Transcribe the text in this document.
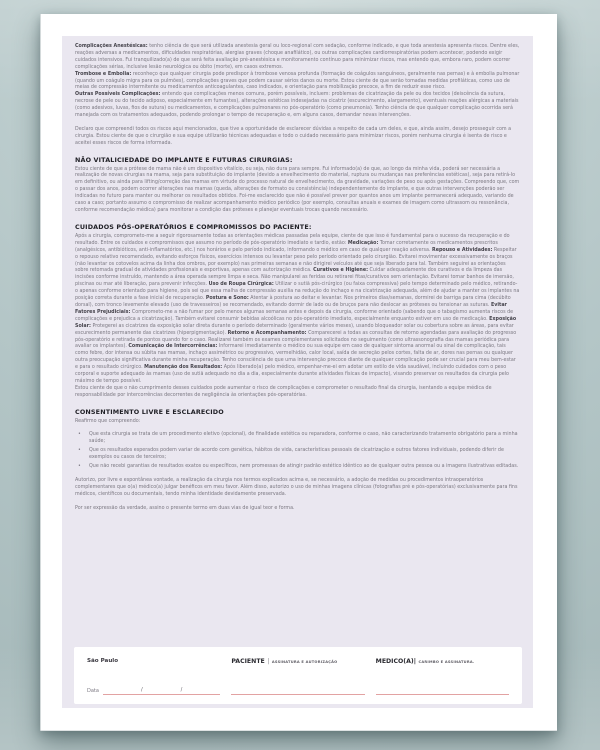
Complicações Anestésicas: tenho ciência de que será utilizada anestesia geral ou loco-regional com sedação, conforme indicado, e que toda anestesia apresenta riscos. Dentre eles, reações adversas a medicamentos, dificuldades respiratórias, alergias graves (choque anafilático), ou outras complicações cardiorrespiratórias podem acontecer, podendo exigir cuidados intensivos. Fui tranquilizado(a) de que será feita avaliação pré-anestésica e monitoramento contínuo para minimizar riscos, mas entendo que, embora raro, podem ocorrer complicações sérias, inclusive lesão neurológica ou óbito (morte), em casos extremos.

Trombose e Embolia: reconheço que qualquer cirurgia pode predispor à trombose venosa profunda (formação de coágulos sanguíneos, geralmente nas pernas) e à embolia pulmonar (quando um coágulo migra para os pulmões), complicações graves que podem causar sérios danos ou morte. Estou ciente de que serão tomadas medidas profiláticas, como uso de meias de compressão intermitente ou medicamentos anticoagulantes, caso indicados, e orientação para mobilização precoce, a fim de reduzir esse risco.

Outras Possíveis Complicações: entendo que complicações menos comuns, porém possíveis, incluem: problemas de cicatrização da pele ou dos tecidos (deiscência da sutura, necrose de pele ou do tecido adiposo, especialmente em fumantes), alterações estéticas indesejadas na cicatriz (escurecimento, alargamento), eventuais reações alérgicas a materiais (como adesivos, luvas, fios de sutura) ou medicamentos, e complicações pulmonares no pós-operatório (como pneumonia). Tenho ciência de que qualquer complicação ocorrida será manejada com os tratamentos adequados, podendo prolongar o tempo de recuperação e, em alguns casos, demandar novas intervenções.

Declaro que compreendi todos os riscos aqui mencionados, que tive a oportunidade de esclarecer dúvidas a respeito de cada um deles, e que, ainda assim, desejo prosseguir com a cirurgia. Estou ciente de que o cirurgião e sua equipe utilizarão técnicas adequadas e todo o cuidado necessário para minimizar riscos, porém nenhuma cirurgia é isenta de risco e aceitei esses riscos de forma informada.

NÃO VITALICIEDADE DO IMPLANTE E FUTURAS CIRURGIAS:

Estou ciente de que a prótese de mama não é um dispositivo vitalício, ou seja, não dura para sempre. Fui informado(a) de que, ao longo da minha vida, poderá ser necessária a realização de novas cirurgias na mama, seja para substituição do implante (devido a envelhecimento do material, ruptura ou mudanças nas preferências estéticas), seja para retirá-lo em definitivo, ou ainda para lifting/correção das mamas em virtude do processo natural de envelhecimento, da gravidade, variações de peso ou após gestações. Compreendo que, com o passar dos anos, podem ocorrer alterações nas mamas (queda, alterações de formato ou consistência) independentemente do implante, e que outras intervenções poderão ser indicadas no futuro para manter ou melhorar os resultados obtidos. Foi-me esclarecido que não é possível prever por quantos anos um implante permanecerá adequado, variando de caso a caso; portanto assumo o compromisso de realizar acompanhamento médico periódico (por exemplo, consultas anuais e exames de imagem como ultrassom ou ressonância, conforme recomendação médica) para monitorar a condição das próteses e planejar eventuais trocas quando necessário.

CUIDADOS PÓS-OPERATÓRIOS E COMPROMISSOS DO PACIENTE:

Após a cirurgia, comprometo-me a seguir rigorosamente todas as orientações médicas passadas pela equipe, ciente de que isso é fundamental para o sucesso da recuperação e do resultado. Entre os cuidados e compromissos que assumo no período de pós-operatório imediato e tardio, estão: Medicação: Tomar corretamente os medicamentos prescritos (analgésicos, antibióticos, anti-inflamatórios, etc.) nos horários e pelo período indicado, informando o médico em caso de qualquer reação adversa. Repouso e Atividades: Respeitar o repouso relativo recomendado, evitando esforços físicos, exercícios intensos ou levantar peso pelo período orientado pelo cirurgião. Evitarei movimentar excessivamente os braços (não levantar os cotovelos acima da linha dos ombros, por exemplo) nas primeiras semanas e não dirigirei veículos até que seja liberado para tal. Também seguirei as orientações sobre retomada gradual de atividades profissionais e esportivas, apenas com autorização médica. Curativos e Higiene: Cuidar adequadamente dos curativos e da limpeza das incisões conforme instruído, mantendo a área operada sempre limpa e seca. Não manipularei as feridas ou retirarei fitas/curativos sem orientação. Evitarei tomar banhos de imersão, piscinas ou mar até liberação, para prevenir infecções. Uso de Roupa Cirúrgica: Utilizar o sutiã pós-cirúrgico (ou faixa compressiva) pelo tempo determinado pelo médico, retirando-o apenas conforme orientado para higiene, pois sei que essa malha de compressão auxilia na redução do inchaço e na cicatrização adequada, além de ajudar a manter os implantes na posição correta durante a fase inicial de recuperação. Postura e Sono: Atentar à postura ao deitar e levantar. Nos primeiros dias/semanas, dormirei de barriga para cima (decúbito dorsal), com tronco levemente elevado (uso de travesseiros) se recomendado, evitando dormir de lado ou de bruços para não deslocar as próteses ou tensionar as suturas. Evitar Fatores Prejudiciais: Comprometo-me a não fumar por pelo menos algumas semanas antes e depois da cirurgia, conforme orientado (sabendo que o tabagismo aumenta riscos de complicações e prejudica a cicatrização). Também evitarei consumir bebidas alcoólicas no pós-operatório imediato, especialmente enquanto estiver em uso de medicação. Exposição Solar: Protegerei as cicatrizes da exposição solar direta durante o período determinado (geralmente vários meses), usando bloqueador solar ou cobertura sobre as áreas, para evitar escurecimento permanente das cicatrizes (hiperpigmentação). Retorno e Acompanhamento: Comparecerei a todas as consultas de retorno agendadas para avaliação do progresso pós-operatório e retirada de pontos quando for o caso. Realizarei também os exames complementares solicitados no seguimento (como ultrassonografia das mamas periódica para avaliar os implantes). Comunicação de Intercorrências: Informarei imediatamente o médico ou sua equipe em caso de qualquer sintoma anormal ou sinal de complicação, tais como febre, dor intensa ou súbita nas mamas, inchaço assimétrico ou progressivo, vermelhidão, calor local, saída de secreção pelos cortes, falta de ar, dores nas pernas ou qualquer outra preocupação significativa durante minha recuperação. Tenho consciência de que uma intervenção precoce diante de qualquer complicação pode ser crucial para meu bem-estar e para o resultado cirúrgico. Manutenção dos Resultados: Após liberado(a) pelo médico, empenhar-me-ei em adotar um estilo de vida saudável, incluindo cuidados com o peso corporal e suporte adequado às mamas (uso de sutiã adequado no dia a dia, especialmente durante atividades físicas de impacto), visando preservar os resultados da cirurgia pelo máximo de tempo possível.

Estou ciente de que o não cumprimento desses cuidados pode aumentar o risco de complicações e comprometer o resultado final da cirurgia, isentando a equipe médica de responsabilidade por intercorrências decorrentes de negligência às orientações pós-operatórias.

CONSENTIMENTO LIVRE E ESCLARECIDO

Reafirmo que compreendo:

• Que esta cirurgia se trata de um procedimento eletivo (opcional), de finalidade estética ou reparadora, conforme o caso, não caracterizando tratamento obrigatório para a minha saúde;
• Que os resultados esperados podem variar de acordo com genética, hábitos de vida, características pessoais de cicatrização e outros fatores individuais, podendo diferir de exemplos ou casos de terceiros;
• Que não recebi garantias de resultados exatos ou específicos, nem promessas de atingir padrão estético idêntico ao de qualquer outra pessoa ou a imagens ilustrativas editadas.

Autorizo, por livre e espontânea vontade, a realização da cirurgia nos termos explicados acima e, se necessário, a adoção de medidas ou procedimentos intraoperatórios complementares que o(a) médico(a) julgar benéficos em meu favor. Além disso, autorizo o uso de minhas imagens clínicas (fotografias pré e pós-operatórias) exclusivamente para fins médicos, científicos ou documentais, tendo minha identidade devidamente preservada.

Por ser expressão da verdade, assino o presente termo em duas vias de igual teor e forma.

São Paulo
Data	/	/
PACIENTE | ASSINATURA E AUTORIZAÇÃO	MÉDICO(A)| CARIMBO E ASSINATURA.
